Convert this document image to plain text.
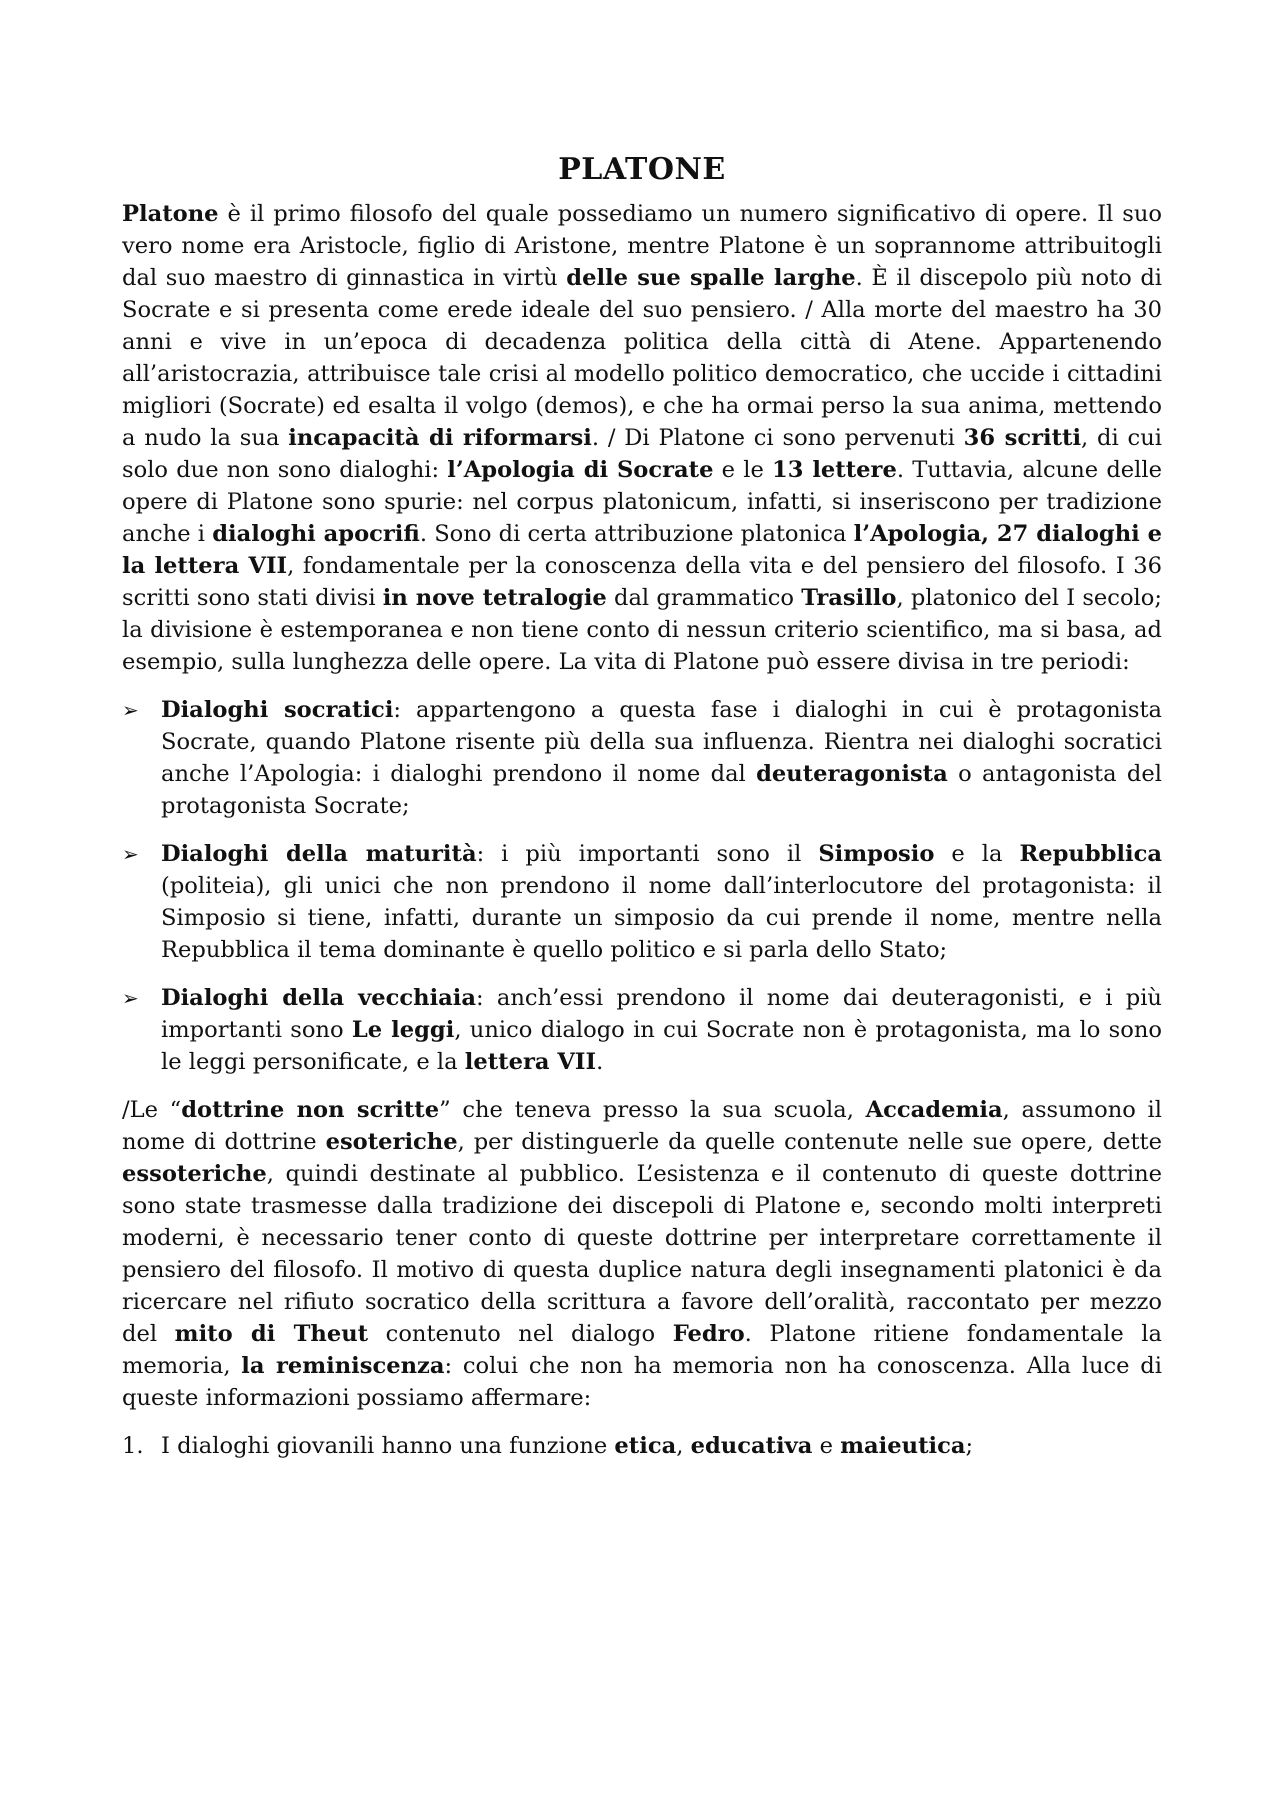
PLATONE

Platone è il primo filosofo del quale possediamo un numero significativo di opere. Il suo vero nome era Aristocle, figlio di Aristone, mentre Platone è un soprannome attribuitogli dal suo maestro di ginnastica in virtù delle sue spalle larghe. È il discepolo più noto di Socrate e si presenta come erede ideale del suo pensiero. / Alla morte del maestro ha 30 anni e vive in un’epoca di decadenza politica della città di Atene. Appartenendo all’aristocrazia, attribuisce tale crisi al modello politico democratico, che uccide i cittadini migliori (Socrate) ed esalta il volgo (demos), e che ha ormai perso la sua anima, mettendo a nudo la sua incapacità di riformarsi. / Di Platone ci sono pervenuti 36 scritti, di cui solo due non sono dialoghi: l’Apologia di Socrate e le 13 lettere. Tuttavia, alcune delle opere di Platone sono spurie: nel corpus platonicum, infatti, si inseriscono per tradizione anche i dialoghi apocrifi. Sono di certa attribuzione platonica l’Apologia, 27 dialoghi e la lettera VII, fondamentale per la conoscenza della vita e del pensiero del filosofo. I 36 scritti sono stati divisi in nove tetralogie dal grammatico Trasillo, platonico del I secolo; la divisione è estemporanea e non tiene conto di nessun criterio scientifico, ma si basa, ad esempio, sulla lunghezza delle opere. La vita di Platone può essere divisa in tre periodi:

➢ Dialoghi socratici: appartengono a questa fase i dialoghi in cui è protagonista Socrate, quando Platone risente più della sua influenza. Rientra nei dialoghi socratici anche l’Apologia: i dialoghi prendono il nome dal deuteragonista o antagonista del protagonista Socrate;
➢ Dialoghi della maturità: i più importanti sono il Simposio e la Repubblica (politeia), gli unici che non prendono il nome dall’interlocutore del protagonista: il Simposio si tiene, infatti, durante un simposio da cui prende il nome, mentre nella Repubblica il tema dominante è quello politico e si parla dello Stato;
➢ Dialoghi della vecchiaia: anch’essi prendono il nome dai deuteragonisti, e i più importanti sono Le leggi, unico dialogo in cui Socrate non è protagonista, ma lo sono le leggi personificate, e la lettera VII.

/Le “dottrine non scritte” che teneva presso la sua scuola, Accademia, assumono il nome di dottrine esoteriche, per distinguerle da quelle contenute nelle sue opere, dette essoteriche, quindi destinate al pubblico. L’esistenza e il contenuto di queste dottrine sono state trasmesse dalla tradizione dei discepoli di Platone e, secondo molti interpreti moderni, è necessario tener conto di queste dottrine per interpretare correttamente il pensiero del filosofo. Il motivo di questa duplice natura degli insegnamenti platonici è da ricercare nel rifiuto socratico della scrittura a favore dell’oralità, raccontato per mezzo del mito di Theut contenuto nel dialogo Fedro. Platone ritiene fondamentale la memoria, la reminiscenza: colui che non ha memoria non ha conoscenza. Alla luce di queste informazioni possiamo affermare:

1. I dialoghi giovanili hanno una funzione etica, educativa e maieutica;
